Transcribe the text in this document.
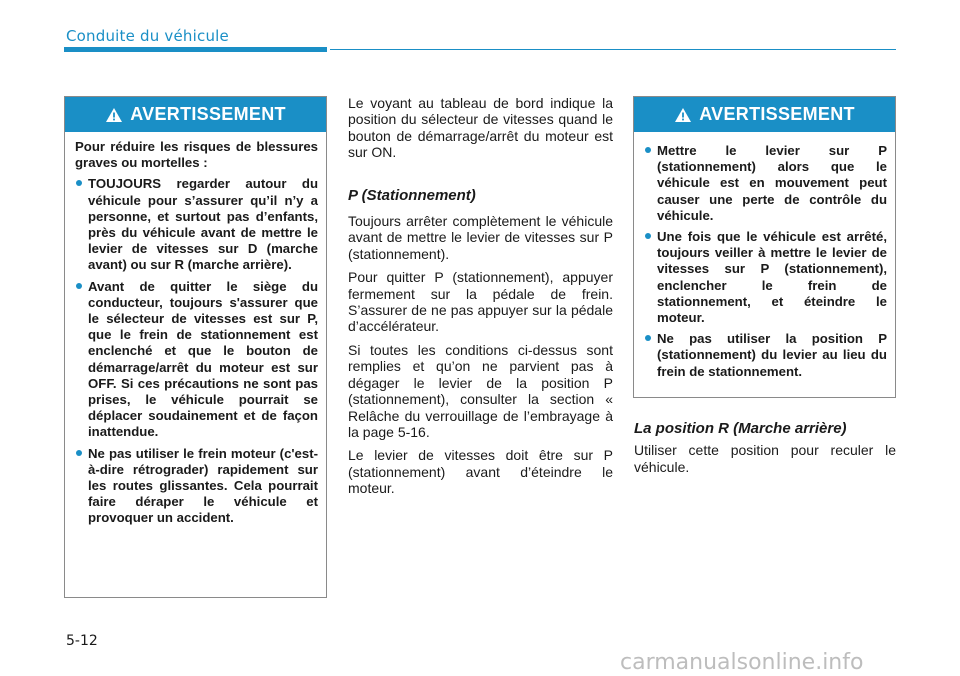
Conduite du véhicule
AVERTISSEMENT

Pour réduire les risques de blessures graves ou mortelles :

TOUJOURS regarder autour du véhicule pour s’assurer qu’il n’y a personne, et surtout pas d’enfants, près du véhicule avant de mettre le levier de vitesses sur D (marche avant) ou sur R (marche arrière).
Avant de quitter le siège du conducteur, toujours s'assurer que le sélecteur de vitesses est sur P, que le frein de stationnement est enclenché et que le bouton de démarrage/arrêt du moteur est sur OFF. Si ces précautions ne sont pas prises, le véhicule pourrait se déplacer soudainement et de façon inattendue.
Ne pas utiliser le frein moteur (c'est-à-dire rétrograder) rapidement sur les routes glissantes. Cela pourrait faire déraper le véhicule et provoquer un accident.

Le voyant au tableau de bord indique la position du sélecteur de vitesses quand le bouton de démarrage/arrêt du moteur est sur ON.

P (Stationnement)

Toujours arrêter complètement le véhicule avant de mettre le levier de vitesses sur P (stationnement).

Pour quitter P (stationnement), appuyer fermement sur la pédale de frein. S’assurer de ne pas appuyer sur la pédale d’accélérateur.

Si toutes les conditions ci-dessus sont remplies et qu’on ne parvient pas à dégager le levier de la position P (stationnement), consulter la section « Relâche du verrouillage de l’embrayage à la page 5-16.

Le levier de vitesses doit être sur P (stationnement) avant d’éteindre le moteur.

AVERTISSEMENT
Mettre le levier sur P (stationnement) alors que le véhicule est en mouvement peut causer une perte de contrôle du véhicule.
Une fois que le véhicule est arrêté, toujours veiller à mettre le levier de vitesses sur P (stationnement), enclencher le frein de stationnement, et éteindre le moteur.
Ne pas utiliser la position P (stationnement) du levier au lieu du frein de stationnement.
La position R (Marche arrière)

Utiliser cette position pour reculer le véhicule.

5-12
carmanualsonline.info
